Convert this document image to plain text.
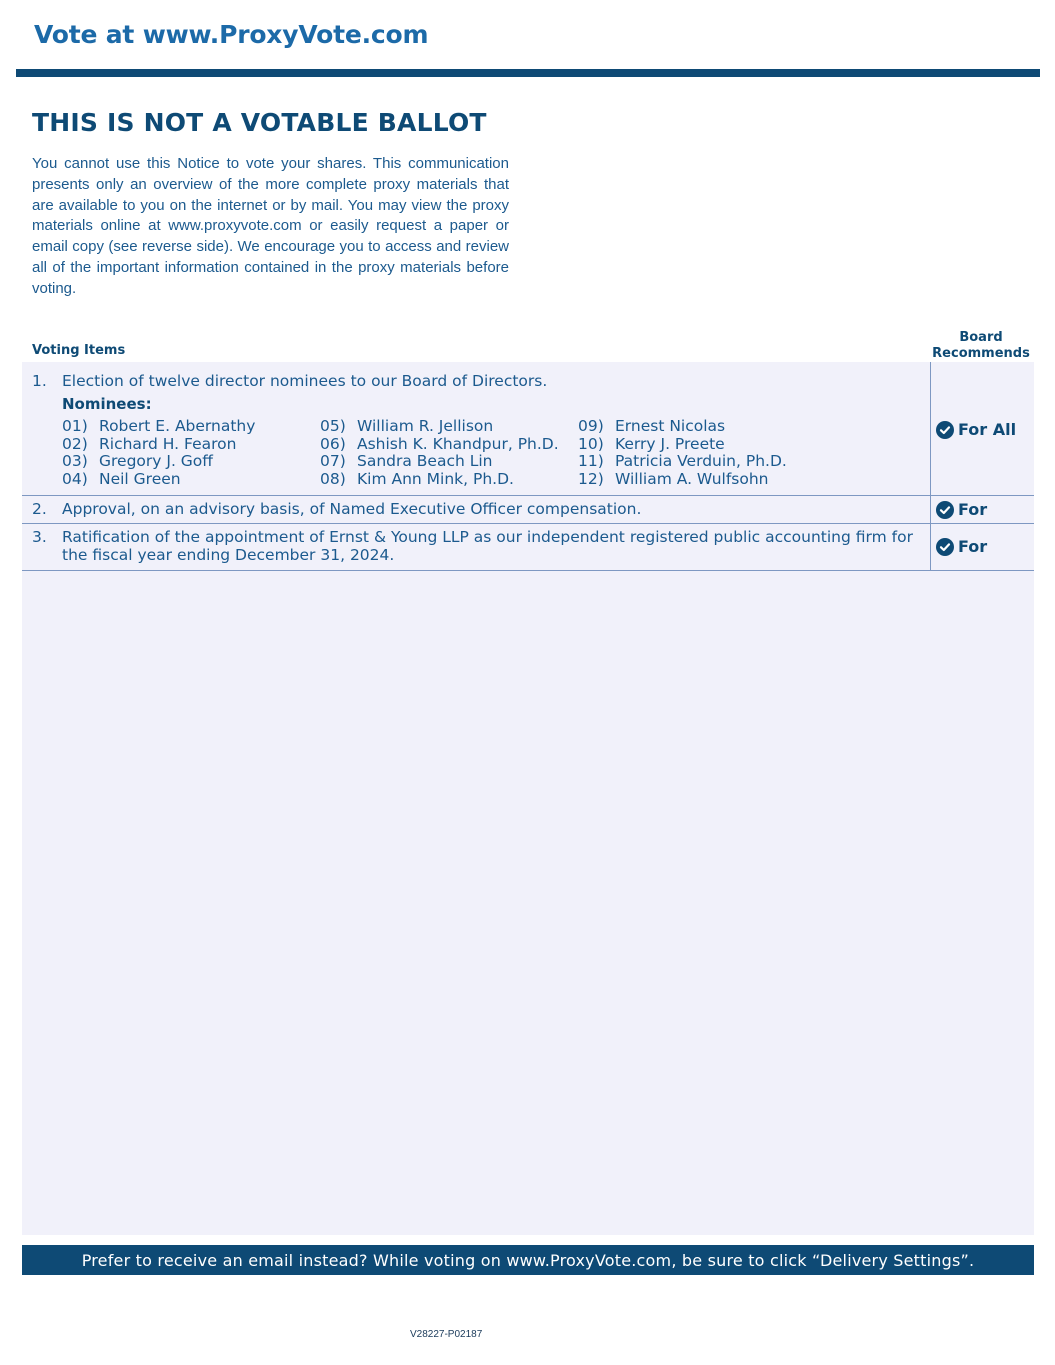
Vote at www.ProxyVote.com
THIS IS NOT A VOTABLE BALLOT

You cannot use this Notice to vote your shares. This communication presents only an overview of the more complete proxy materials that are available to you on the internet or by mail. You may view the proxy materials online at www.proxyvote.com or easily request a paper or email copy (see reverse side). We encourage you to access and review all of the important information contained in the proxy materials before voting.

Voting Items
Board
Recommends
1. Election of twelve director nominees to our Board of Directors.
Nominees:
01) Robert E. Abernathy
02) Richard H. Fearon
03) Gregory J. Goff
04) Neil Green
05) William R. Jellison
06) Ashish K. Khandpur, Ph.D.
07) Sandra Beach Lin
08) Kim Ann Mink, Ph.D.
09) Ernest Nicolas
10) Kerry J. Preete
11) Patricia Verduin, Ph.D.
12) William A. Wulfsohn
For All
2. Approval, on an advisory basis, of Named Executive Officer compensation.	For
3. Ratification of the appointment of Ernst & Young LLP as our independent registered public accounting firm for the fiscal year ending December 31, 2024.	For
Prefer to receive an email instead? While voting on www.ProxyVote.com, be sure to click “Delivery Settings”.
V28227-P02187
